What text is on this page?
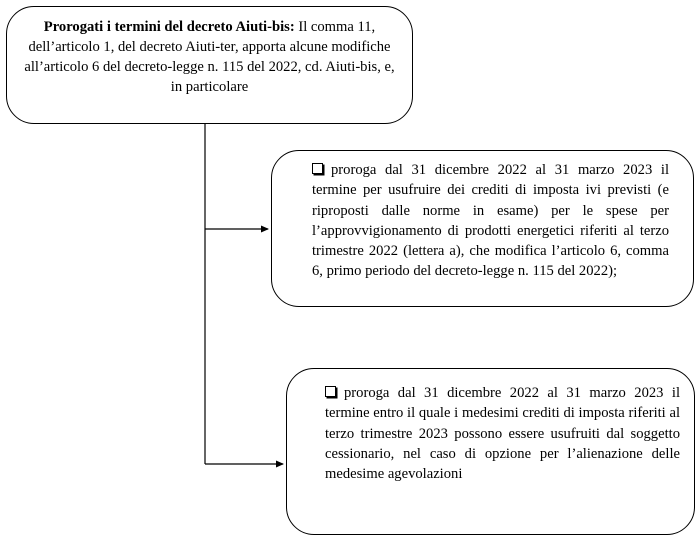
Prorogati i termini del decreto Aiuti-bis: Il comma 11, dell’articolo 1, del decreto Aiuti-ter, apporta alcune modifiche all’articolo 6 del decreto-legge n. 115 del 2022, cd. Aiuti-bis, e, in particolare
proroga dal 31 dicembre 2022 al 31 marzo 2023 il termine per usufruire dei crediti di imposta ivi previsti (e riproposti dalle norme in esame) per le spese per l’approvvigionamento di prodotti energetici riferiti al terzo trimestre 2022 (lettera a), che modifica l’articolo 6, comma 6, primo periodo del decreto-legge n. 115 del 2022);
proroga dal 31 dicembre 2022 al 31 marzo 2023 il termine entro il quale i medesimi crediti di imposta riferiti al terzo trimestre 2023 possono essere usufruiti dal soggetto cessionario, nel caso di opzione per l’alienazione delle medesime agevolazioni
